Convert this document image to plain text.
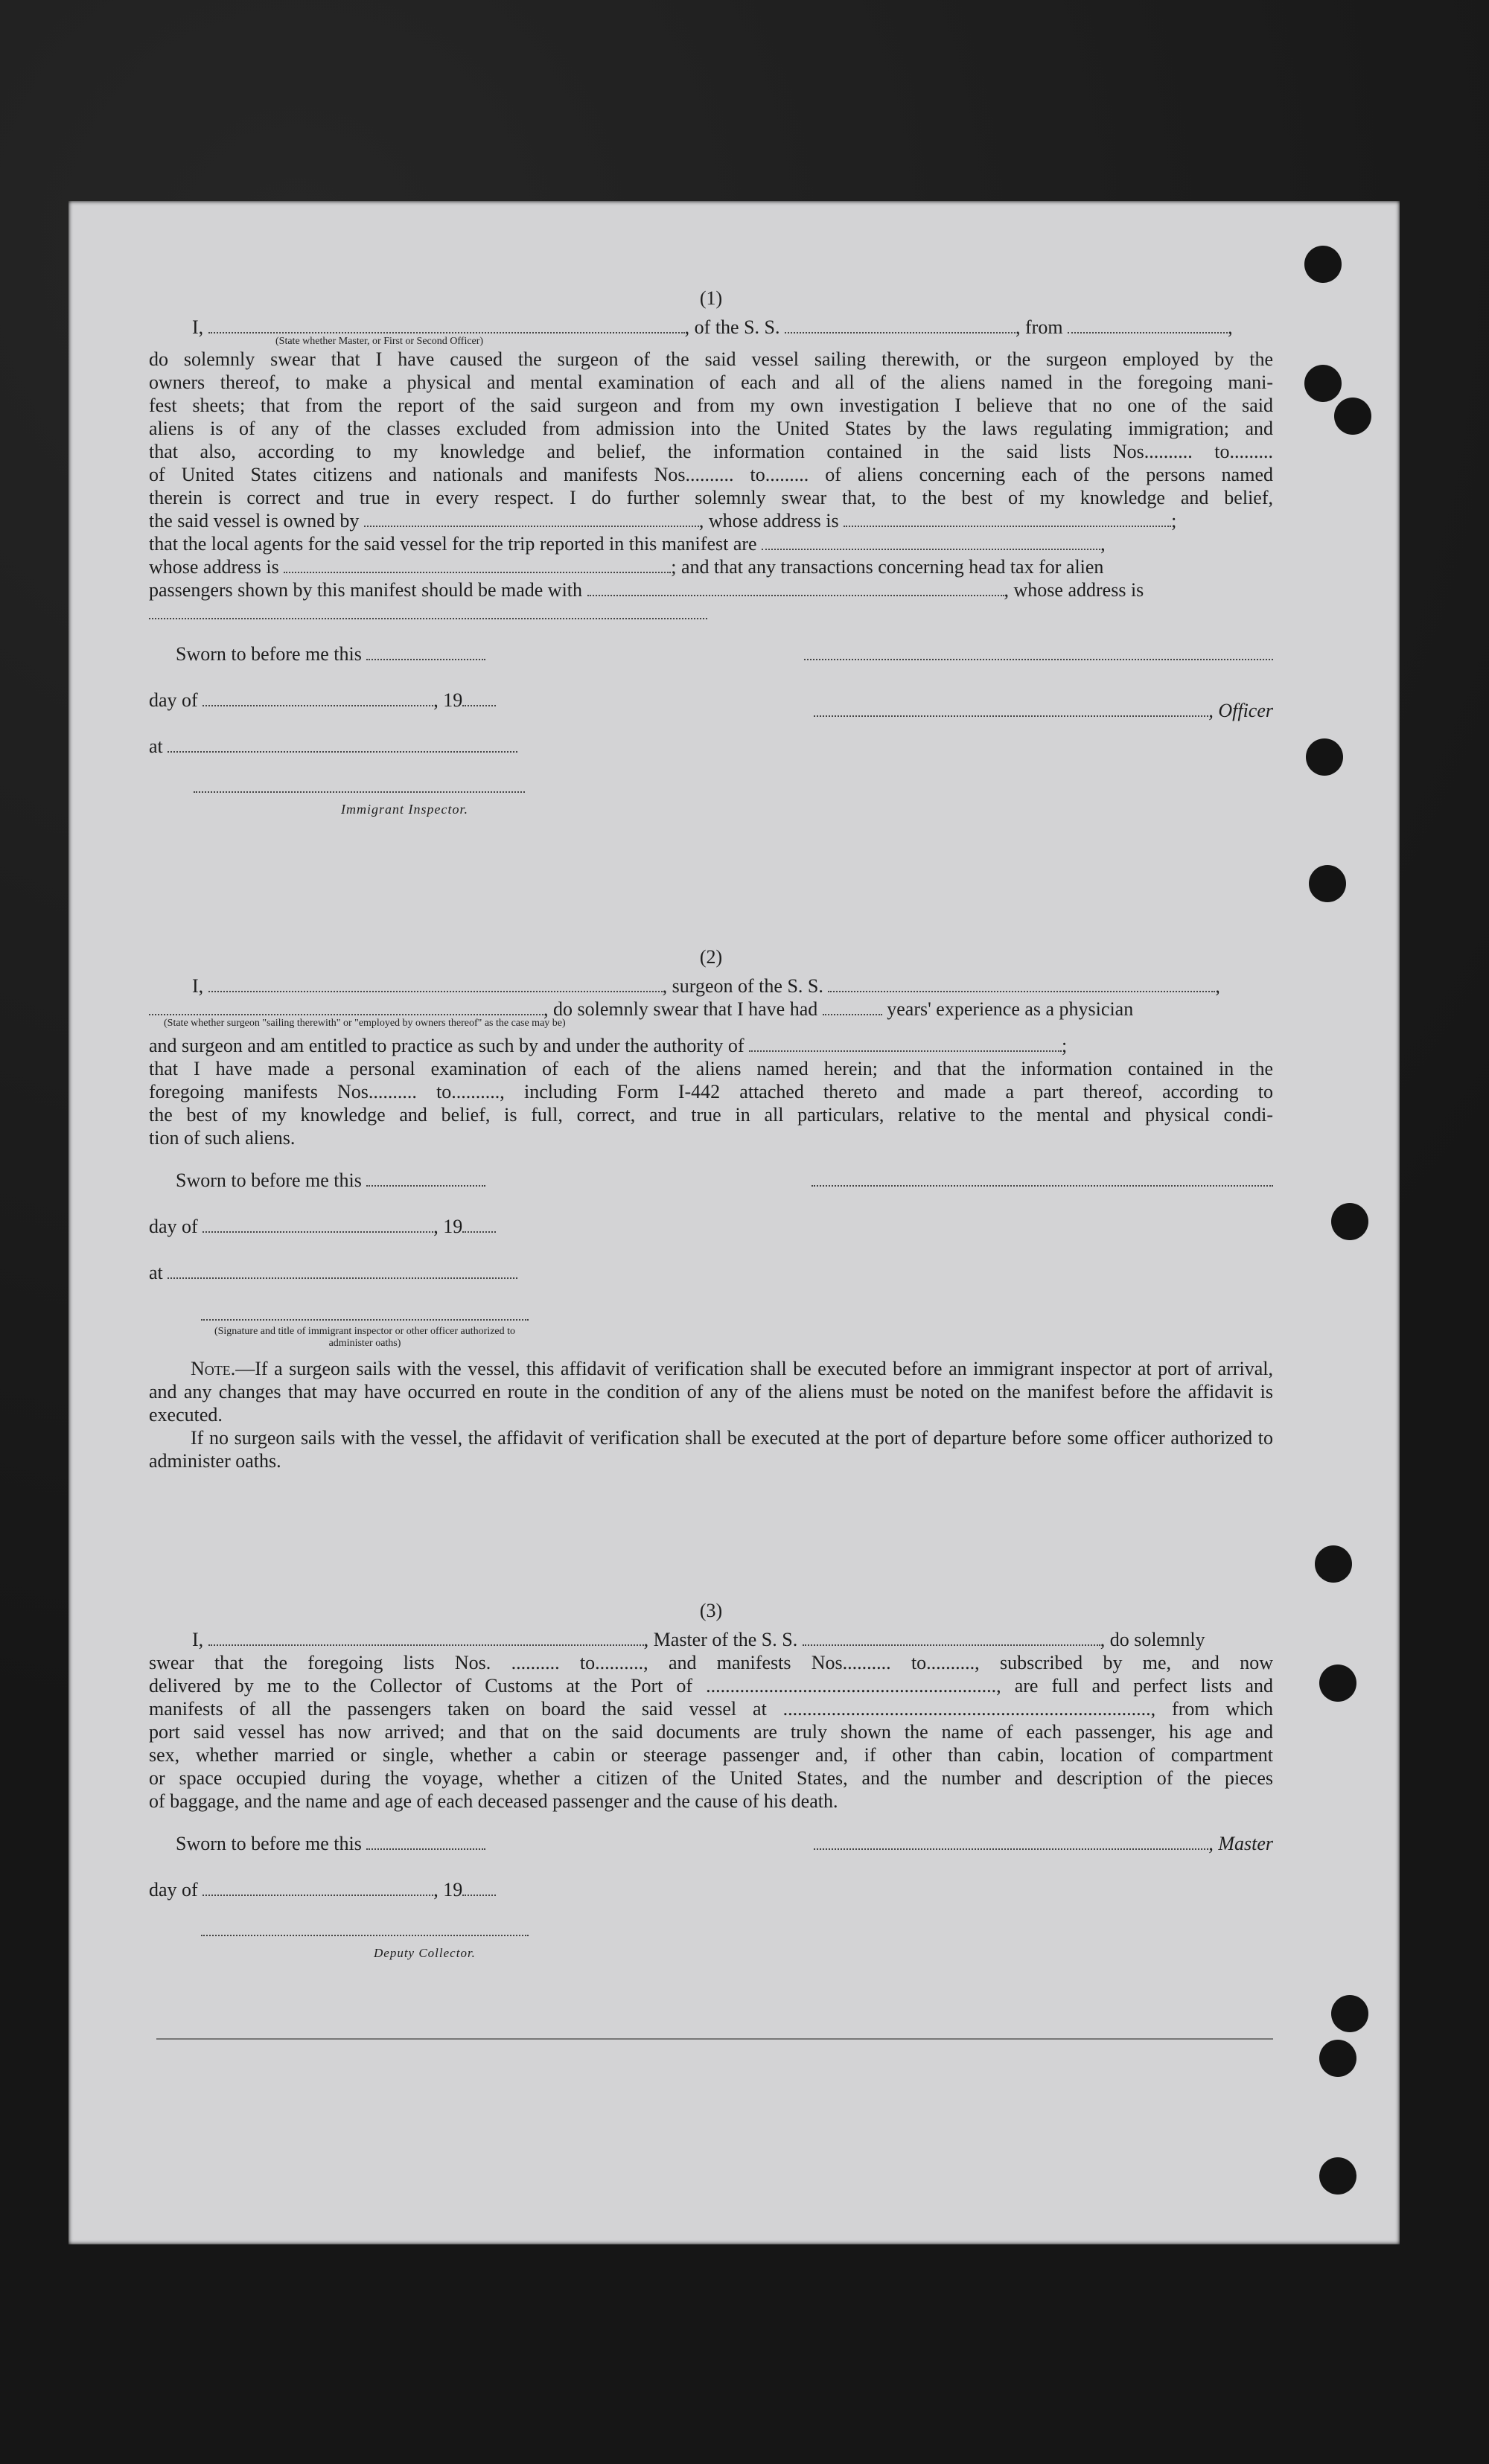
(1)
I,	, of the S. S.	, from	,
(State whether Master, or First or Second Officer)
do solemnly swear that I have caused the surgeon of the said vessel sailing therewith, or the surgeon employed by the
owners thereof, to make a physical and mental examination of each and all of the aliens named in the foregoing mani-
fest sheets; that from the report of the said surgeon and from my own investigation I believe that no one of the said
aliens is of any of the classes excluded from admission into the United States by the laws regulating immigration; and
that also, according to my knowledge and belief, the information contained in the said lists Nos.......... to.........
of United States citizens and nationals and manifests Nos.......... to......... of aliens concerning each of the persons named
therein is correct and true in every respect. I do further solemnly swear that, to the best of my knowledge and belief,
the said vessel is owned by	, whose address is	;
that the local agents for the said vessel for the trip reported in this manifest are	,
whose address is	; and that any transactions concerning head tax for alien
passengers shown by this manifest should be made with	, whose address is
Sworn to before me this
day of	, 19	, Officer
at
Immigrant Inspector.
(2)
I,	, surgeon of the S. S.	,
, do solemnly swear that I have had	years' experience as a physician
(State whether surgeon "sailing therewith" or "employed by owners thereof" as the case may be)
and surgeon and am entitled to practice as such by and under the authority of	;
that I have made a personal examination of each of the aliens named herein; and that the information contained in the
foregoing manifests Nos.......... to.........., including Form I-442 attached thereto and made a part thereof, according to
the best of my knowledge and belief, is full, correct, and true in all particulars, relative to the mental and physical condi-
tion of such aliens.
Sworn to before me this
day of	, 19
at
(Signature and title of immigrant inspector or other officer authorized to administer oaths)
Note.—If a surgeon sails with the vessel, this affidavit of verification shall be executed before an immigrant inspector at port of arrival, and any changes that may have occurred en route in the condition of any of the aliens must be noted on the manifest before the affidavit is executed.
If no surgeon sails with the vessel, the affidavit of verification shall be executed at the port of departure before some officer authorized to administer oaths.
(3)
I,	, Master of the S. S.	, do solemnly
swear that the foregoing lists Nos. .......... to.........., and manifests Nos.......... to.........., subscribed by me, and now
delivered by me to the Collector of Customs at the Port of ............................................................, are full and perfect lists and
manifests of all the passengers taken on board the said vessel at ............................................................................, from which
port said vessel has now arrived; and that on the said documents are truly shown the name of each passenger, his age and
sex, whether married or single, whether a cabin or steerage passenger and, if other than cabin, location of compartment
or space occupied during the voyage, whether a citizen of the United States, and the number and description of the pieces
of baggage, and the name and age of each deceased passenger and the cause of his death.
Sworn to before me this	, Master
day of	, 19
Deputy Collector.
